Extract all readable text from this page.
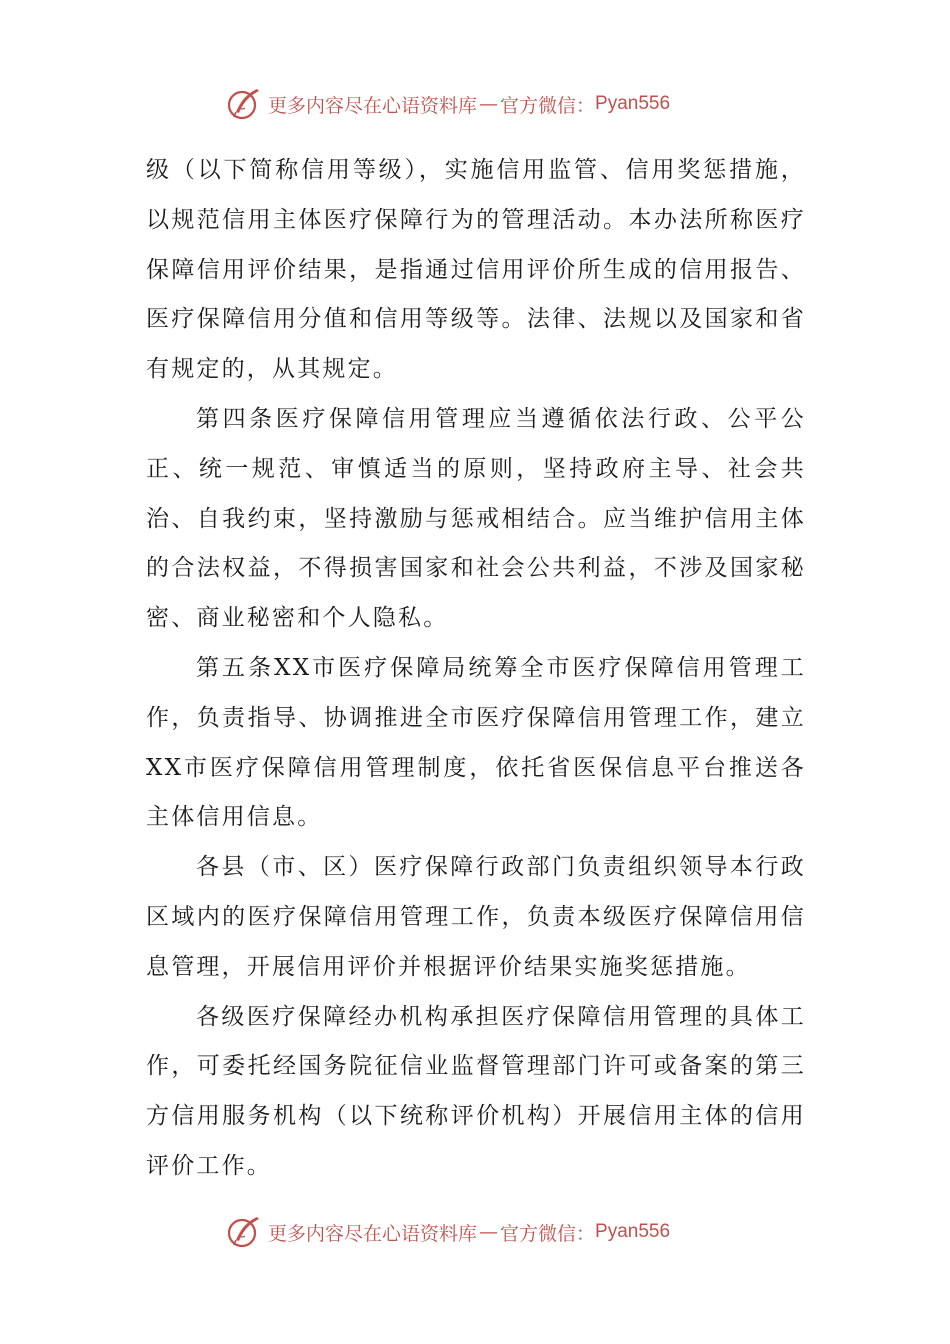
更多内容尽在心语资料库 — 官方微信： Pyan556

级（以下简称信用等级），实施信用监管、信用奖惩措施，以规范信用主体医疗保障行为的管理活动。本办法所称医疗保障信用评价结果，是指通过信用评价所生成的信用报告、医疗保障信用分值和信用等级等。法律、法规以及国家和省有规定的，从其规定。

第四条医疗保障信用管理应当遵循依法行政、公平公正、统一规范、审慎适当的原则，坚持政府主导、社会共治、自我约束，坚持激励与惩戒相结合。应当维护信用主体的合法权益，不得损害国家和社会公共利益，不涉及国家秘密、商业秘密和个人隐私。

第五条XX市医疗保障局统筹全市医疗保障信用管理工作，负责指导、协调推进全市医疗保障信用管理工作，建立XX市医疗保障信用管理制度，依托省医保信息平台推送各主体信用信息。

各县（市、区）医疗保障行政部门负责组织领导本行政区域内的医疗保障信用管理工作，负责本级医疗保障信用信息管理，开展信用评价并根据评价结果实施奖惩措施。

各级医疗保障经办机构承担医疗保障信用管理的具体工作，可委托经国务院征信业监督管理部门许可或备案的第三方信用服务机构（以下统称评价机构）开展信用主体的信用评价工作。

更多内容尽在心语资料库 — 官方微信： Pyan556
